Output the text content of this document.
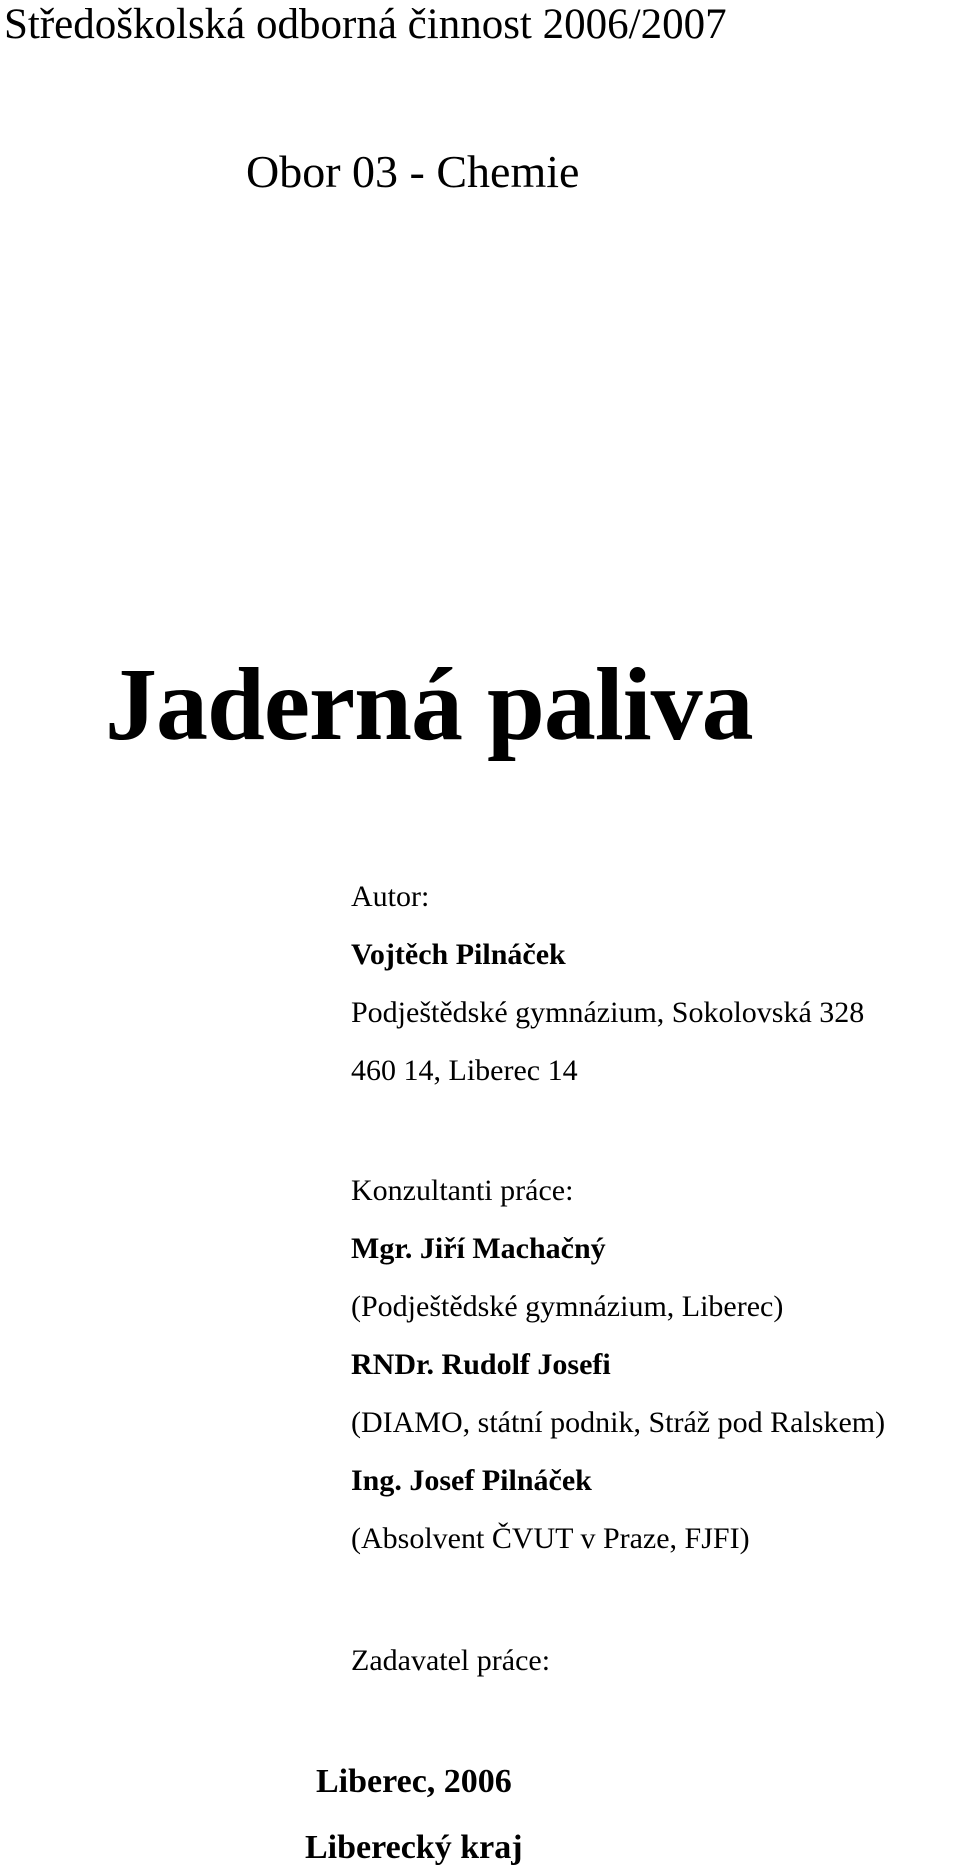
Středoškolská odborná činnost 2006/2007

Obor 03 - Chemie

Jaderná paliva

Autor:

Vojtěch Pilnáček

Podještědské gymnázium, Sokolovská 328

460 14, Liberec 14

Konzultanti práce:

Mgr. Jiří Machačný

(Podještědské gymnázium, Liberec)

RNDr. Rudolf Josefi

(DIAMO, státní podnik, Stráž pod Ralskem)

Ing. Josef Pilnáček

(Absolvent ČVUT v Praze, FJFI)

Zadavatel práce:

Liberec, 2006

Liberecký kraj
